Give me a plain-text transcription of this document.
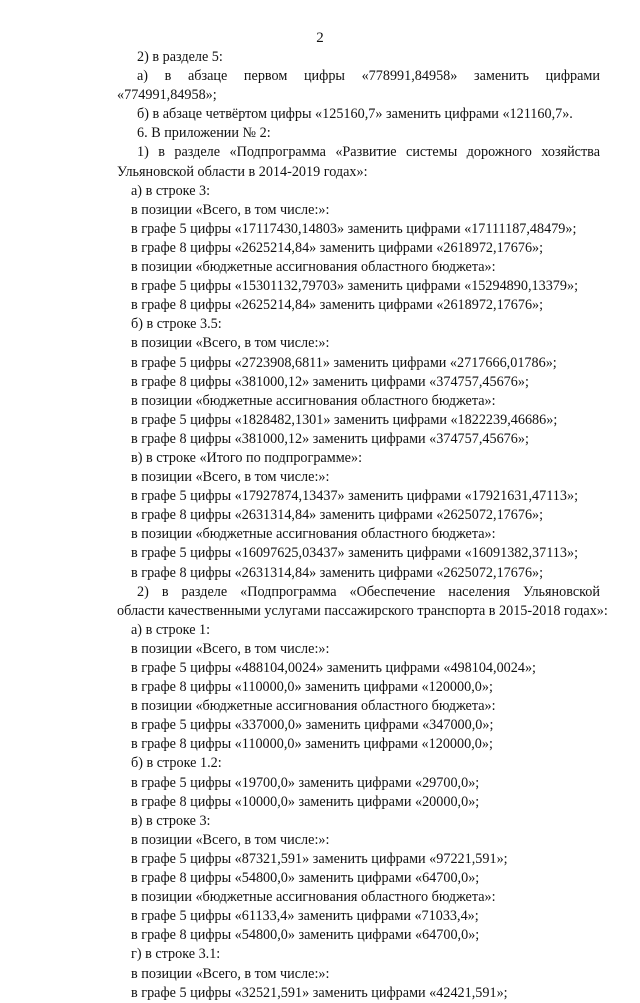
2
2) в разделе 5:
а) в абзаце первом цифры «778991,84958» заменить цифрами
«774991,84958»;
б) в абзаце четвёртом цифры «125160,7» заменить цифрами «121160,7».
6. В приложении № 2:
1) в разделе «Подпрограмма «Развитие системы дорожного хозяйства
Ульяновской области в 2014-2019 годах»:
а) в строке 3:
в позиции «Всего, в том числе:»:
в графе 5 цифры «17117430,14803» заменить цифрами «17111187,48479»;
в графе 8 цифры «2625214,84» заменить цифрами «2618972,17676»;
в позиции «бюджетные ассигнования областного бюджета»:
в графе 5 цифры «15301132,79703» заменить цифрами «15294890,13379»;
в графе 8 цифры «2625214,84» заменить цифрами «2618972,17676»;
б) в строке 3.5:
в позиции «Всего, в том числе:»:
в графе 5 цифры «2723908,6811» заменить цифрами «2717666,01786»;
в графе 8 цифры «381000,12» заменить цифрами «374757,45676»;
в позиции «бюджетные ассигнования областного бюджета»:
в графе 5 цифры «1828482,1301» заменить цифрами «1822239,46686»;
в графе 8 цифры «381000,12» заменить цифрами «374757,45676»;
в) в строке «Итого по подпрограмме»:
в позиции «Всего, в том числе:»:
в графе 5 цифры «17927874,13437» заменить цифрами «17921631,47113»;
в графе 8 цифры «2631314,84» заменить цифрами «2625072,17676»;
в позиции «бюджетные ассигнования областного бюджета»:
в графе 5 цифры «16097625,03437» заменить цифрами «16091382,37113»;
в графе 8 цифры «2631314,84» заменить цифрами «2625072,17676»;
2) в разделе «Подпрограмма «Обеспечение населения Ульяновской
области качественными услугами пассажирского транспорта в 2015-2018 годах»:
а) в строке 1:
в позиции «Всего, в том числе:»:
в графе 5 цифры «488104,0024» заменить цифрами «498104,0024»;
в графе 8 цифры «110000,0» заменить цифрами «120000,0»;
в позиции «бюджетные ассигнования областного бюджета»:
в графе 5 цифры «337000,0» заменить цифрами «347000,0»;
в графе 8 цифры «110000,0» заменить цифрами «120000,0»;
б) в строке 1.2:
в графе 5 цифры «19700,0» заменить цифрами «29700,0»;
в графе 8 цифры «10000,0» заменить цифрами «20000,0»;
в) в строке 3:
в позиции «Всего, в том числе:»:
в графе 5 цифры «87321,591» заменить цифрами «97221,591»;
в графе 8 цифры «54800,0» заменить цифрами «64700,0»;
в позиции «бюджетные ассигнования областного бюджета»:
в графе 5 цифры «61133,4» заменить цифрами «71033,4»;
в графе 8 цифры «54800,0» заменить цифрами «64700,0»;
г) в строке 3.1:
в позиции «Всего, в том числе:»:
в графе 5 цифры «32521,591» заменить цифрами «42421,591»;
